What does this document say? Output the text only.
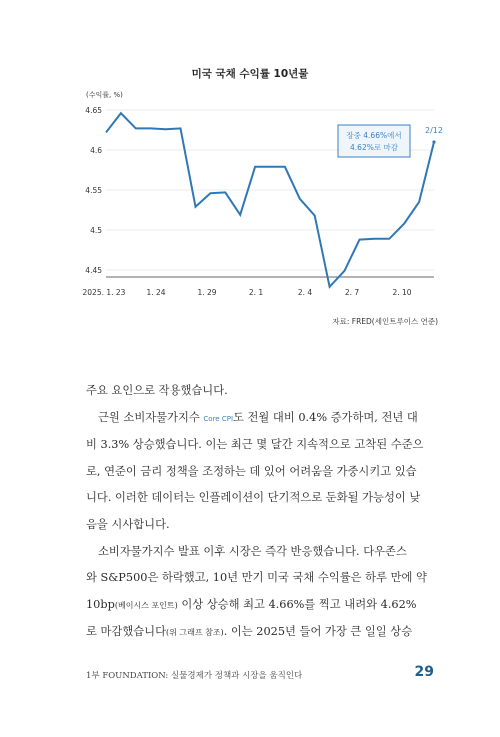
미국 국채 수익률 10년물
(수익률, %)
4.65
4.6
4.55
4.5
4.45
2025. 1. 23	1. 24	1. 29	2. 1	2. 4	2. 7	2. 10
장중 4.66%에서
4.62%로 마감
2/12
자료: FRED(세인트루이스 연준)
주요 요인으로 작용했습니다.
근원 소비자물가지수 Core CPI도 전월 대비 0.4% 증가하며, 전년 대
비 3.3% 상승했습니다. 이는 최근 몇 달간 지속적으로 고착된 수준으
로, 연준이 금리 정책을 조정하는 데 있어 어려움을 가중시키고 있습
니다. 이러한 데이터는 인플레이션이 단기적으로 둔화될 가능성이 낮
음을 시사합니다.
소비자물가지수 발표 이후 시장은 즉각 반응했습니다. 다우존스
와 S&P500은 하락했고, 10년 만기 미국 국채 수익률은 하루 만에 약
10bp(베이시스 포인트) 이상 상승해 최고 4.66%를 찍고 내려와 4.62%
로 마감했습니다(위 그래프 참조). 이는 2025년 들어 가장 큰 일일 상승
1부 FOUNDATION: 실물경제가 정책과 시장을 움직인다	29
